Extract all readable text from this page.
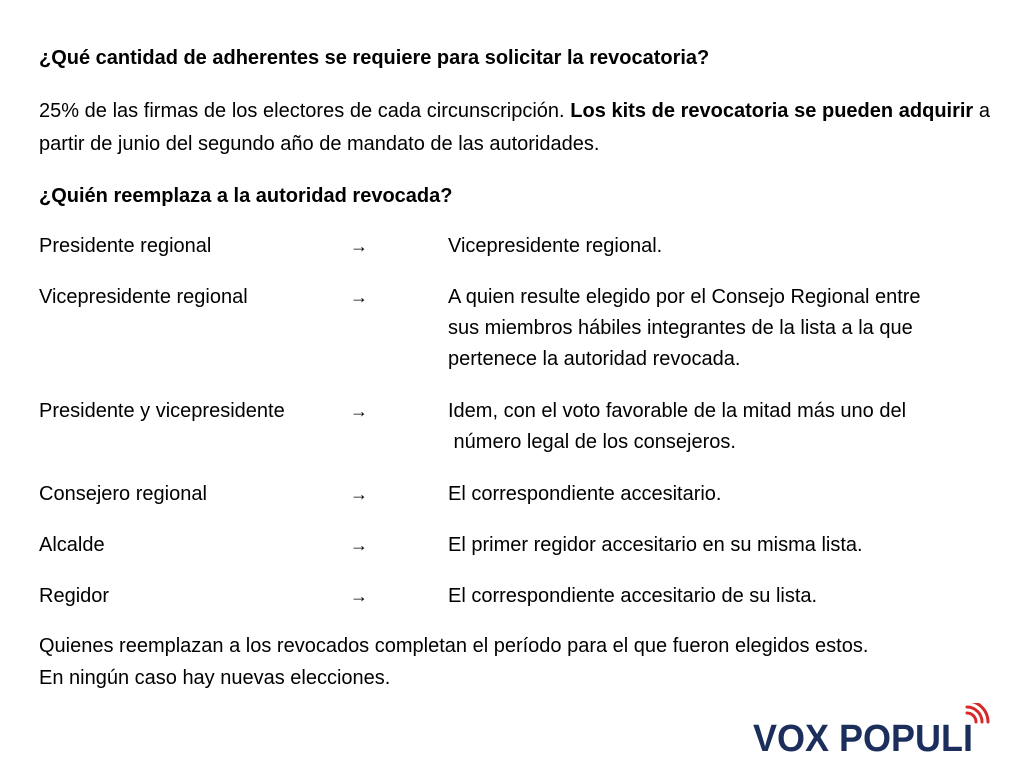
¿Qué cantidad de adherentes se requiere para solicitar la revocatoria?
25% de las firmas de los electores de cada circunscripción. Los kits de revocatoria se pueden adquirir a partir de junio del segundo año de mandato de las autoridades.
¿Quién reemplaza a la autoridad revocada?
Presidente regional	→	Vicepresidente regional.
Vicepresidente regional	→	A quien resulte elegido por el Consejo Regional entre
sus miembros hábiles integrantes de la lista a la que
pertenece la autoridad revocada.
Presidente y vicepresidente	→	Idem, con el voto favorable de la mitad más uno del
número legal de los consejeros.
Consejero regional	→	El correspondiente accesitario.
Alcalde	→	El primer regidor accesitario en su misma lista.
Regidor	→	El correspondiente accesitario de su lista.
Quienes reemplazan a los revocados completan el período para el que fueron elegidos estos.
En ningún caso hay nuevas elecciones.
VOX POPULI
